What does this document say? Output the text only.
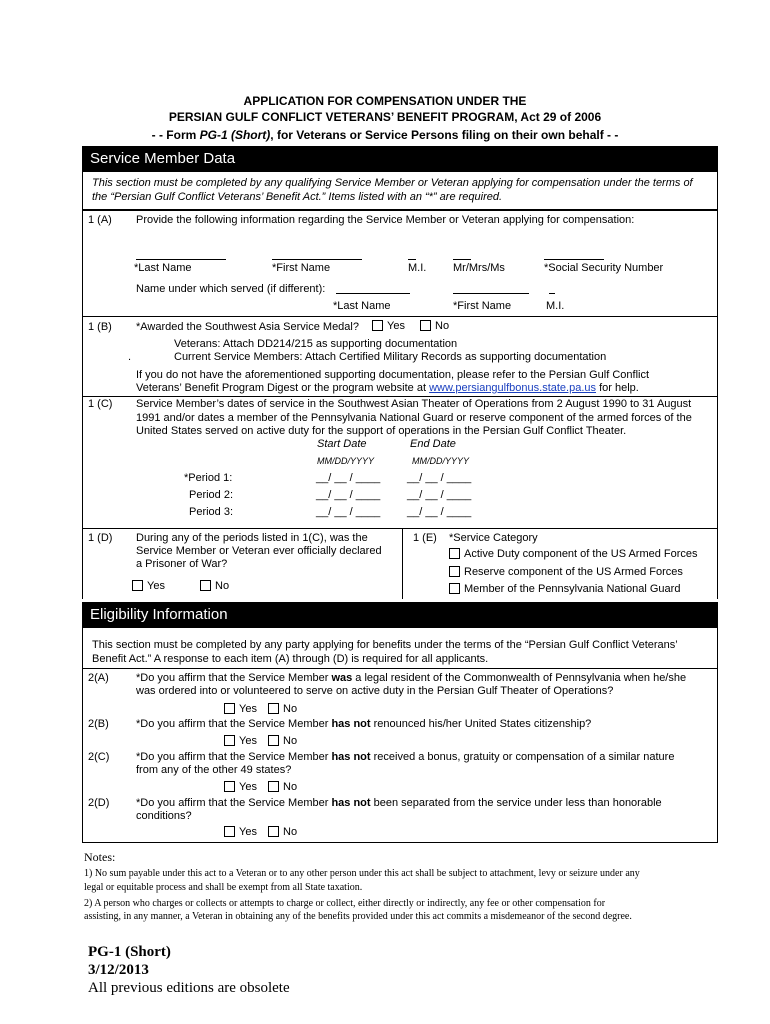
APPLICATION FOR COMPENSATION UNDER THE
PERSIAN GULF CONFLICT VETERANS’ BENEFIT PROGRAM, Act 29 of 2006
- - Form PG-1 (Short), for Veterans or Service Persons filing on their own behalf - -
Service Member Data
This section must be completed by any qualifying Service Member or Veteran applying for compensation under the terms of
the “Persian Gulf Conflict Veterans’ Benefit Act.” Items listed with an “*” are required.
1 (A) Provide the following information regarding the Service Member or Veteran applying for compensation:
*Last Name	*First Name	M.I. Mr/Mrs/Ms	*Social Security Number
Name under which served (if different):
*Last Name	*First Name	M.I.
1 (B) *Awarded the Southwest Asia Service Medal?	Yes	No
Veterans: Attach DD214/215 as supporting documentation
.	Current Service Members: Attach Certified Military Records as supporting documentation
If you do not have the aforementioned supporting documentation, please refer to the Persian Gulf Conflict
Veterans’ Benefit Program Digest or the program website at www.persiangulfbonus.state.pa.us for help.
1 (C) Service Member’s dates of service in the Southwest Asian Theater of Operations from 2 August 1990 to 31 August
1991 and/or dates a member of the Pennsylvania National Guard or reserve component of the armed forces of the
United States served on active duty for the support of operations in the Persian Gulf Conflict Theater.
Start Date	End Date
MM/DD/YYYY	MM/DD/YYYY
*Period 1:	__/ __ / ____ __/ __ / ____
Period 2:	__/ __ / ____ __/ __ / ____
Period 3:	__/ __ / ____ __/ __ / ____
1 (D) During any of the periods listed in 1(C), was the
Service Member or Veteran ever officially declared
a Prisoner of War?
Yes	No
1 (E) *Service Category
Active Duty component of the US Armed Forces
Reserve component of the US Armed Forces
Member of the Pennsylvania National Guard
Eligibility Information
This section must be completed by any party applying for benefits under the terms of the “Persian Gulf Conflict Veterans’
Benefit Act.” A response to each item (A) through (D) is required for all applicants.
2(A) *Do you affirm that the Service Member was a legal resident of the Commonwealth of Pennsylvania when he/she
was ordered into or volunteered to serve on active duty in the Persian Gulf Theater of Operations?
Yes	No
2(B) *Do you affirm that the Service Member has not renounced his/her United States citizenship?
Yes	No
2(C) *Do you affirm that the Service Member has not received a bonus, gratuity or compensation of a similar nature
from any of the other 49 states?
Yes	No
2(D) *Do you affirm that the Service Member has not been separated from the service under less than honorable
conditions?
Yes	No
Notes:
1) No sum payable under this act to a Veteran or to any other person under this act shall be subject to attachment, levy or seizure under any
legal or equitable process and shall be exempt from all State taxation.
2) A person who charges or collects or attempts to charge or collect, either directly or indirectly, any fee or other compensation for
assisting, in any manner, a Veteran in obtaining any of the benefits provided under this act commits a misdemeanor of the second degree.
PG-1 (Short)
3/12/2013
All previous editions are obsolete
